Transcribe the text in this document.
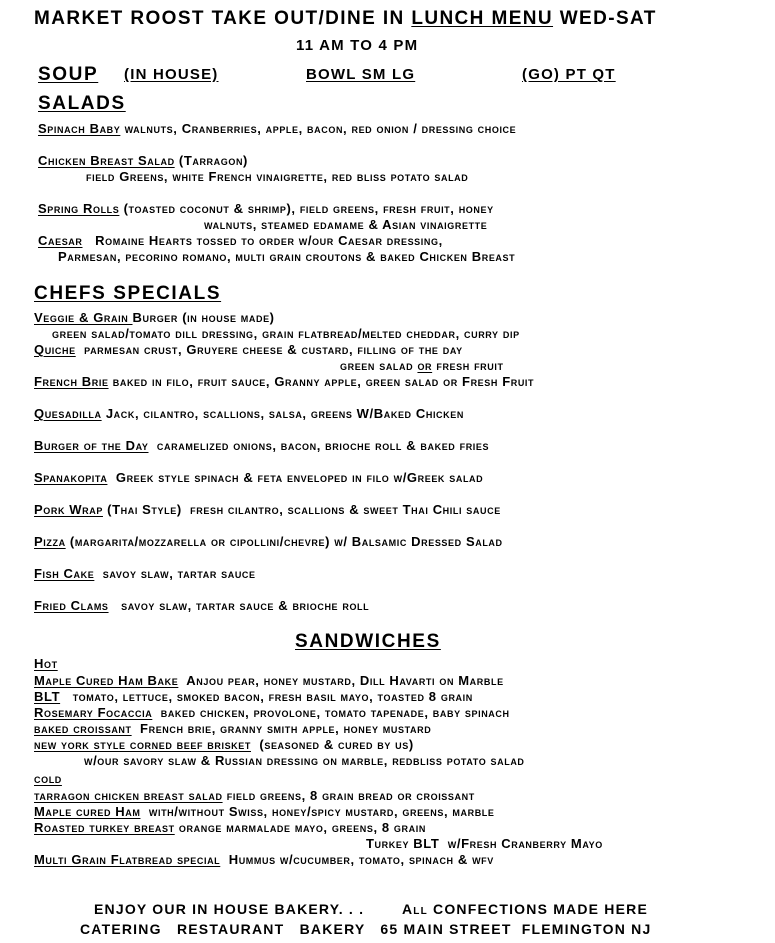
MARKET ROOST TAKE OUT/DINE IN LUNCH MENU WED-SAT
11 AM TO 4 PM
SOUP (IN HOUSE)	BOWL SM LG	(GO) PT QT
SALADS
Spinach Baby walnuts, Cranberries, apple, bacon, red onion / dressing choice
Chicken Breast Salad (Tarragon)
field Greens, white French vinaigrette, red bliss potato salad
Spring Rolls (toasted coconut & shrimp), field greens, fresh fruit, honey
walnuts, steamed edamame & Asian vinaigrette
Caesar   Romaine Hearts tossed to order w/our Caesar dressing,
Parmesan, pecorino romano, multi grain croutons & baked Chicken Breast
CHEFS SPECIALS
Veggie & Grain Burger (in house made)
green salad/tomato dill dressing, grain flatbread/melted cheddar, curry dip
Quiche  parmesan crust, Gruyere cheese & custard, filling of the day
green salad or fresh fruit
French Brie baked in filo, fruit sauce, Granny apple, green salad or Fresh Fruit
Quesadilla Jack, cilantro, scallions, salsa, greens W/Baked Chicken
Burger of the Day  caramelized onions, bacon, brioche roll & baked fries
Spanakopita  Greek style spinach & feta enveloped in filo w/Greek salad
Pork Wrap (Thai Style)  fresh cilantro, scallions & sweet Thai Chili sauce
Pizza (margarita/mozzarella or cipollini/chevre) w/ Balsamic Dressed Salad
Fish Cake  savoy slaw, tartar sauce
Fried Clams   savoy slaw, tartar sauce & brioche roll
SANDWICHES
Hot
Maple Cured Ham Bake  Anjou pear, honey mustard, Dill Havarti on Marble
BLT   tomato, lettuce, smoked bacon, fresh basil mayo, toasted 8 grain
Rosemary Focaccia  baked chicken, provolone, tomato tapenade, baby spinach
baked croissant  French brie, granny smith apple, honey mustard
new york style corned beef brisket  (seasoned & cured by us)
w/our savory slaw & Russian dressing on marble, redbliss potato salad
cold
tarragon chicken breast salad field greens, 8 grain bread or croissant
Maple cured Ham  with/without Swiss, honey/spicy mustard, greens, marble
Roasted turkey breast orange marmalade mayo, greens, 8 grain
Turkey BLT  w/Fresh Cranberry Mayo
Multi Grain Flatbread special  Hummus w/cucumber, tomato, spinach & wfv
ENJOY OUR IN HOUSE BAKERY. . .	All CONFECTIONS MADE HERE
CATERING   RESTAURANT   BAKERY   65 MAIN STREET  FLEMINGTON NJ
